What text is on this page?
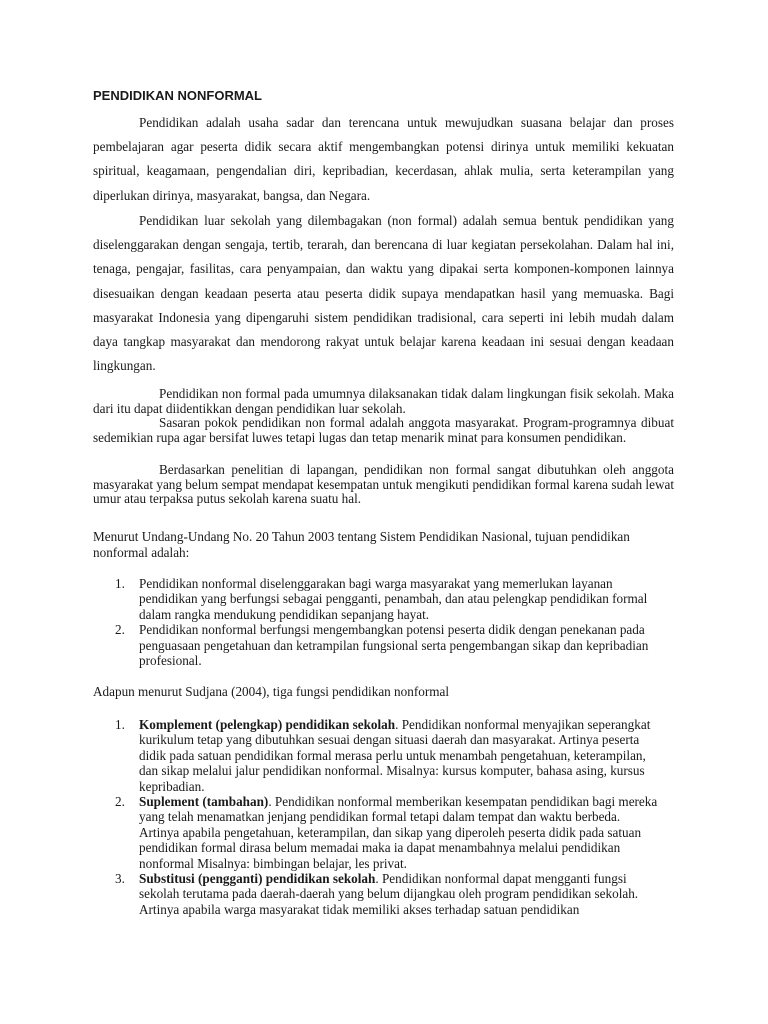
PENDIDIKAN NONFORMAL

Pendidikan adalah usaha sadar dan terencana untuk mewujudkan suasana belajar dan proses pembelajaran agar peserta didik secara aktif mengembangkan potensi dirinya untuk memiliki kekuatan spiritual, keagamaan, pengendalian diri, kepribadian, kecerdasan, ahlak mulia, serta keterampilan yang diperlukan dirinya, masyarakat, bangsa, dan Negara.

Pendidikan luar sekolah yang dilembagakan (non formal) adalah semua bentuk pendidikan yang diselenggarakan dengan sengaja, tertib, terarah, dan berencana di luar kegiatan persekolahan. Dalam hal ini, tenaga, pengajar, fasilitas, cara penyampaian, dan waktu yang dipakai serta komponen-komponen lainnya disesuaikan dengan keadaan peserta atau peserta didik supaya mendapatkan hasil yang memuaska. Bagi masyarakat Indonesia yang dipengaruhi sistem pendidikan tradisional, cara seperti ini lebih mudah dalam daya tangkap masyarakat dan mendorong rakyat untuk belajar karena keadaan ini sesuai dengan keadaan lingkungan.

Pendidikan non formal pada umumnya dilaksanakan tidak dalam lingkungan fisik sekolah. Maka dari itu dapat diidentikkan dengan pendidikan luar sekolah.

Sasaran pokok pendidikan non formal adalah anggota masyarakat. Program-programnya dibuat sedemikian rupa agar bersifat luwes tetapi lugas dan tetap menarik minat para konsumen pendidikan.

Berdasarkan penelitian di lapangan, pendidikan non formal sangat dibutuhkan oleh anggota masyarakat yang belum sempat mendapat kesempatan untuk mengikuti pendidikan formal karena sudah lewat umur atau terpaksa putus sekolah karena suatu hal.

Menurut Undang-Undang No. 20 Tahun 2003 tentang Sistem Pendidikan Nasional, tujuan pendidikan nonformal adalah:

1. Pendidikan nonformal diselenggarakan bagi warga masyarakat yang memerlukan layanan pendidikan yang berfungsi sebagai pengganti, penambah, dan atau pelengkap pendidikan formal dalam rangka mendukung pendidikan sepanjang hayat.
2. Pendidikan nonformal berfungsi mengembangkan potensi peserta didik dengan penekanan pada penguasaan pengetahuan dan ketrampilan fungsional serta pengembangan sikap dan kepribadian profesional.

Adapun menurut Sudjana (2004), tiga fungsi pendidikan nonformal

1. Komplement (pelengkap) pendidikan sekolah. Pendidikan nonformal menyajikan seperangkat kurikulum tetap yang dibutuhkan sesuai dengan situasi daerah dan masyarakat. Artinya peserta didik pada satuan pendidikan formal merasa perlu untuk menambah pengetahuan, keterampilan, dan sikap melalui jalur pendidikan nonformal. Misalnya: kursus komputer, bahasa asing, kursus kepribadian.
2. Suplement (tambahan). Pendidikan nonformal memberikan kesempatan pendidikan bagi mereka yang telah menamatkan jenjang pendidikan formal tetapi dalam tempat dan waktu berbeda. Artinya apabila pengetahuan, keterampilan, dan sikap yang diperoleh peserta didik pada satuan pendidikan formal dirasa belum memadai maka ia dapat menambahnya melalui pendidikan nonformal Misalnya: bimbingan belajar, les privat.
3. Substitusi (pengganti) pendidikan sekolah. Pendidikan nonformal dapat mengganti fungsi sekolah terutama pada daerah-daerah yang belum dijangkau oleh program pendidikan sekolah. Artinya apabila warga masyarakat tidak memiliki akses terhadap satuan pendidikan
